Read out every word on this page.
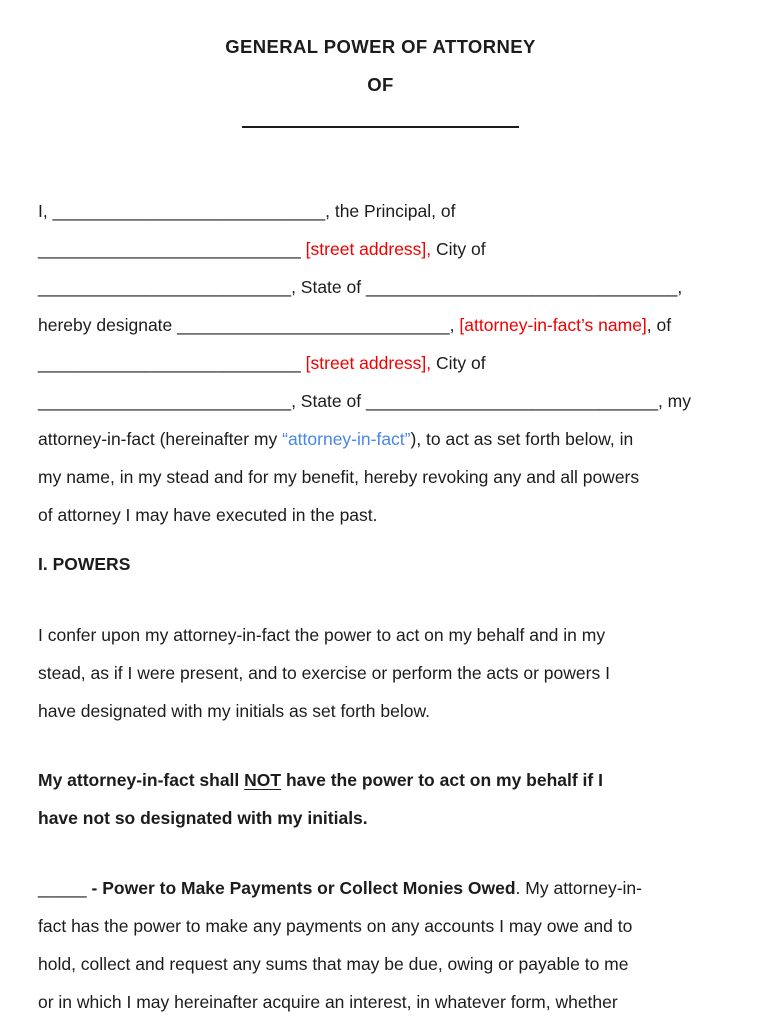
GENERAL POWER OF ATTORNEY
OF
I, ____________________________, the Principal, of
___________________________ [street address], City of
__________________________, State of ________________________________,
hereby designate ____________________________, [attorney-in-fact’s name], of
___________________________ [street address], City of
__________________________, State of ______________________________, my
attorney-in-fact (hereinafter my “attorney-in-fact”), to act as set forth below, in
my name, in my stead and for my benefit, hereby revoking any and all powers
of attorney I may have executed in the past.
I. POWERS
I confer upon my attorney-in-fact the power to act on my behalf and in my
stead, as if I were present, and to exercise or perform the acts or powers I
have designated with my initials as set forth below.
My attorney-in-fact shall NOT have the power to act on my behalf if I
have not so designated with my initials.
_____ - Power to Make Payments or Collect Monies Owed. My attorney-in-
fact has the power to make any payments on any accounts I may owe and to
hold, collect and request any sums that may be due, owing or payable to me
or in which I may hereinafter acquire an interest, in whatever form, whether
